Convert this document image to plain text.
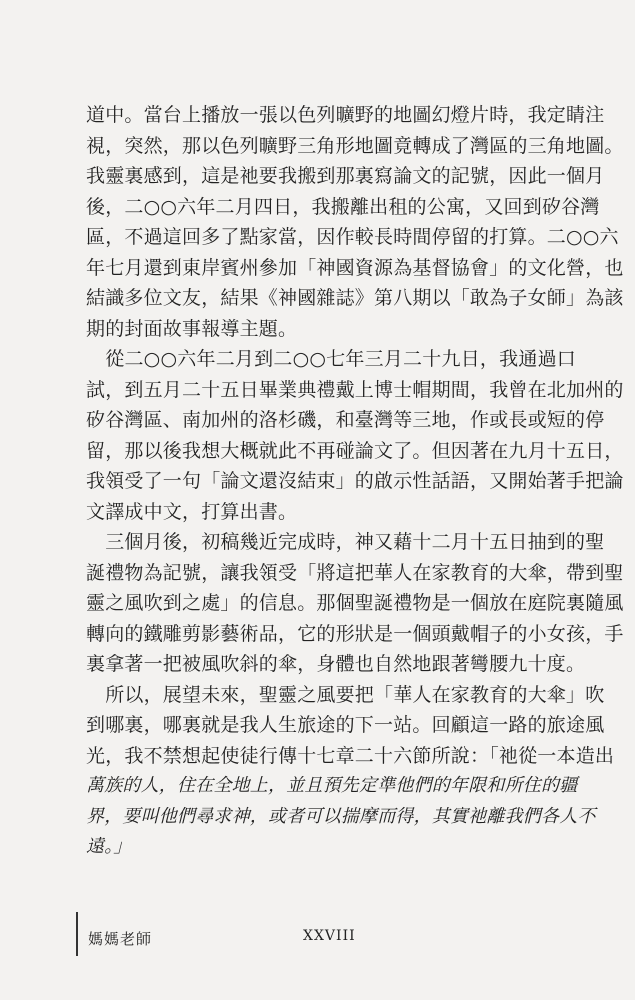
道中。當台上播放一張以色列曠野的地圖幻燈片時，我定睛注
視，突然，那以色列曠野三角形地圖竟轉成了灣區的三角地圖。
我靈裏感到，這是祂要我搬到那裏寫論文的記號，因此一個月
後，二○○六年二月四日，我搬離出租的公寓，又回到矽谷灣
區，不過這回多了點家當，因作較長時間停留的打算。二○○六
年七月還到東岸賓州參加「神國資源為基督協會」的文化營，也
結識多位文友，結果《神國雜誌》第八期以「敢為子女師」為該
期的封面故事報導主題。
　從二○○六年二月到二○○七年三月二十九日，我通過口
試，到五月二十五日畢業典禮戴上博士帽期間，我曾在北加州的
矽谷灣區、南加州的洛杉磯，和臺灣等三地，作或長或短的停
留，那以後我想大概就此不再碰論文了。但因著在九月十五日，
我領受了一句「論文還沒結束」的啟示性話語，又開始著手把論
文譯成中文，打算出書。
　三個月後，初稿幾近完成時，神又藉十二月十五日抽到的聖
誕禮物為記號，讓我領受「將這把華人在家教育的大傘，帶到聖
靈之風吹到之處」的信息。那個聖誕禮物是一個放在庭院裏隨風
轉向的鐵雕剪影藝術品，它的形狀是一個頭戴帽子的小女孩，手
裏拿著一把被風吹斜的傘，身體也自然地跟著彎腰九十度。
　所以，展望未來，聖靈之風要把「華人在家教育的大傘」吹
到哪裏，哪裏就是我人生旅途的下一站。回顧這一路的旅途風
光，我不禁想起使徒行傳十七章二十六節所說：「祂從一本造出
萬族的人，住在全地上，並且預先定準他們的年限和所住的疆
界，要叫他們尋求神，或者可以揣摩而得，其實祂離我們各人不
遠。」
媽媽老師	XXVIII
